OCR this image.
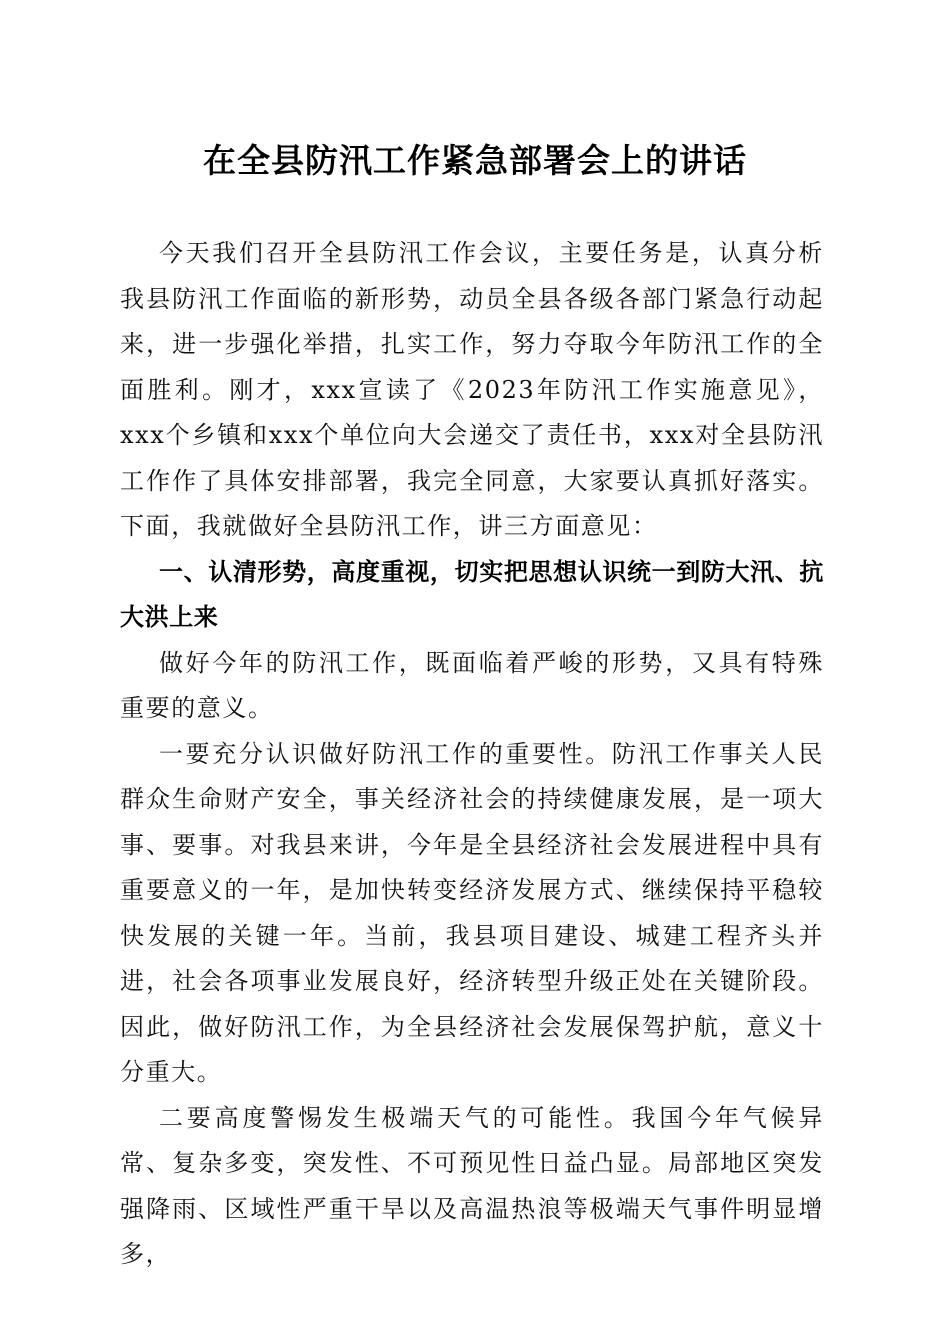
在全县防汛工作紧急部署会上的讲话

今天我们召开全县防汛工作会议，主要任务是，认真分析我县防汛工作面临的新形势，动员全县各级各部门紧急行动起来，进一步强化举措，扎实工作，努力夺取今年防汛工作的全面胜利。刚才，xxx宣读了《2023年防汛工作实施意见》，xxx个乡镇和xxx个单位向大会递交了责任书，xxx对全县防汛工作作了具体安排部署，我完全同意，大家要认真抓好落实。下面，我就做好全县防汛工作，讲三方面意见：

一、认清形势，高度重视，切实把思想认识统一到防大汛、抗大洪上来

做好今年的防汛工作，既面临着严峻的形势，又具有特殊重要的意义。

一要充分认识做好防汛工作的重要性。防汛工作事关人民群众生命财产安全，事关经济社会的持续健康发展，是一项大事、要事。对我县来讲，今年是全县经济社会发展进程中具有重要意义的一年，是加快转变经济发展方式、继续保持平稳较快发展的关键一年。当前，我县项目建设、城建工程齐头并进，社会各项事业发展良好，经济转型升级正处在关键阶段。因此，做好防汛工作，为全县经济社会发展保驾护航，意义十分重大。

二要高度警惕发生极端天气的可能性。我国今年气候异常、复杂多变，突发性、不可预见性日益凸显。局部地区突发强降雨、区域性严重干旱以及高温热浪等极端天气事件明显增多，
